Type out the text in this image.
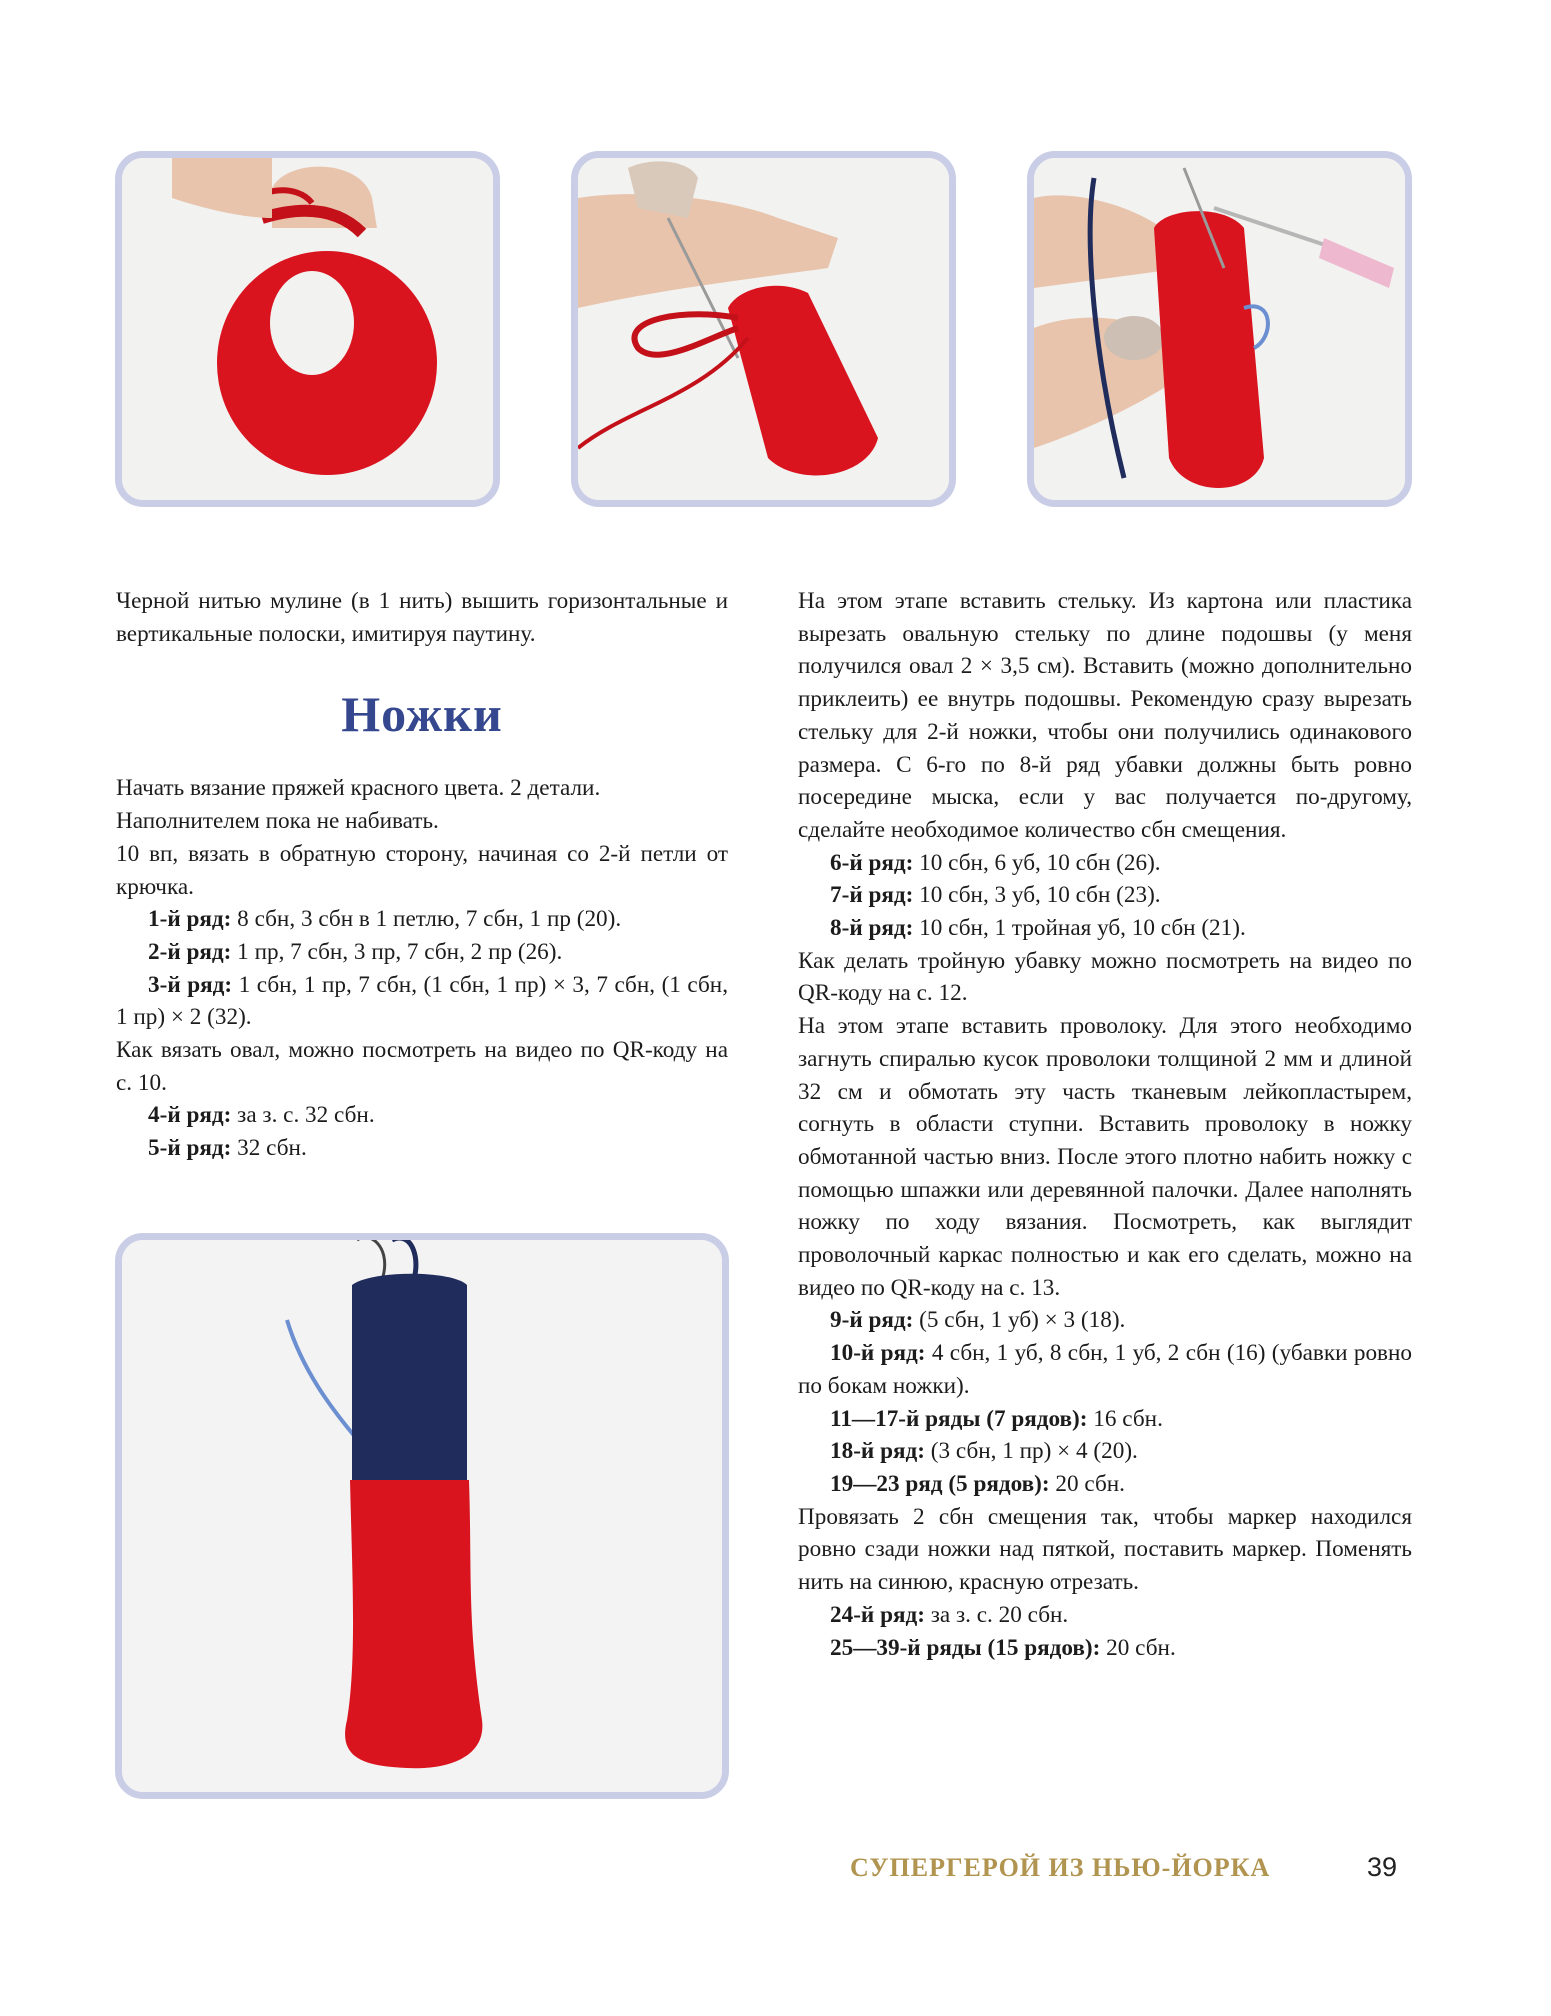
Черной нитью мулине (в 1 нить) вышить горизонтальные и вертикальные полоски, имитируя паутину.

Ножки

Начать вязание пряжей красного цвета. 2 детали.

Наполнителем пока не набивать.

10 вп, вязать в обратную сторону, начиная со 2-й петли от крючка.

1-й ряд: 8 сбн, 3 сбн в 1 петлю, 7 сбн, 1 пр (20).

2-й ряд: 1 пр, 7 сбн, 3 пр, 7 сбн, 2 пр (26).

3-й ряд: 1 сбн, 1 пр, 7 сбн, (1 сбн, 1 пр) × 3, 7 сбн, (1 сбн, 1 пр) × 2 (32).

Как вязать овал, можно посмотреть на видео по QR-коду на с. 10.

4-й ряд: за з. с. 32 сбн.

5-й ряд: 32 сбн.

На этом этапе вставить стельку. Из картона или пластика вырезать овальную стельку по длине подошвы (у меня получился овал 2 × 3,5 см). Вставить (можно дополнительно приклеить) ее внутрь подошвы. Рекомендую сразу вырезать стельку для 2-й ножки, чтобы они получились одинакового размера. С 6-го по 8-й ряд убавки должны быть ровно посередине мыска, если у вас получается по-другому, сделайте необходимое количество сбн смещения.

6-й ряд: 10 сбн, 6 уб, 10 сбн (26).

7-й ряд: 10 сбн, 3 уб, 10 сбн (23).

8-й ряд: 10 сбн, 1 тройная уб, 10 сбн (21).

Как делать тройную убавку можно посмотреть на видео по QR-коду на с. 12.

На этом этапе вставить проволоку. Для этого необходимо загнуть спиралью кусок проволоки толщиной 2 мм и длиной 32 см и обмотать эту часть тканевым лейкопластырем, согнуть в области ступни. Вставить проволоку в ножку обмотанной частью вниз. После этого плотно набить ножку с помощью шпажки или деревянной палочки. Далее наполнять ножку по ходу вязания. Посмотреть, как выглядит проволочный каркас полностью и как его сделать, можно на видео по QR-коду на с. 13.

9-й ряд: (5 сбн, 1 уб) × 3 (18).

10-й ряд: 4 сбн, 1 уб, 8 сбн, 1 уб, 2 сбн (16) (убавки ровно по бокам ножки).

11—17-й ряды (7 рядов): 16 сбн.

18-й ряд: (3 сбн, 1 пр) × 4 (20).

19—23 ряд (5 рядов): 20 сбн.

Провязать 2 сбн смещения так, чтобы маркер находился ровно сзади ножки над пяткой, поставить маркер. Поменять нить на синюю, красную отрезать.

24-й ряд: за з. с. 20 сбн.

25—39-й ряды (15 рядов): 20 сбн.

СУПЕРГЕРОЙ ИЗ НЬЮ-ЙОРКА	39
